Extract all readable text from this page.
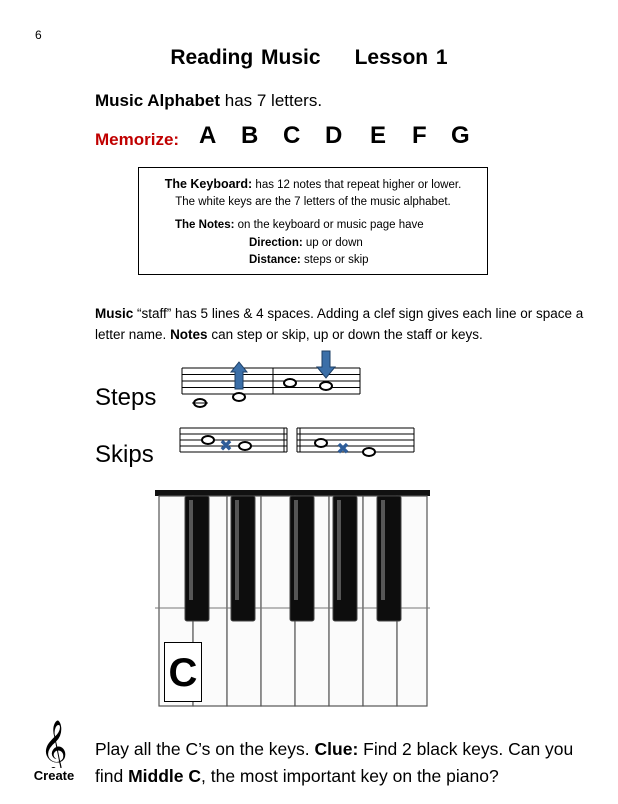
6
Reading Music Lesson 1
Music Alphabet has 7 letters.
Memorize: A B C D E F G
The Keyboard: has 12 notes that repeat higher or lower.
The white keys are the 7 letters of the music alphabet.
The Notes: on the keyboard or music page have
Direction: up or down
Distance: steps or skip
Music “staff” has 5 lines & 4 spaces. Adding a clef sign gives each line or space a letter name. Notes can step or skip, up or down the staff or keys.
Steps
Skips	✖	✖
C
𝄞
Create
Play all the C’s on the keys. Clue: Find 2 black keys. Can you find Middle C, the most important key on the piano?
